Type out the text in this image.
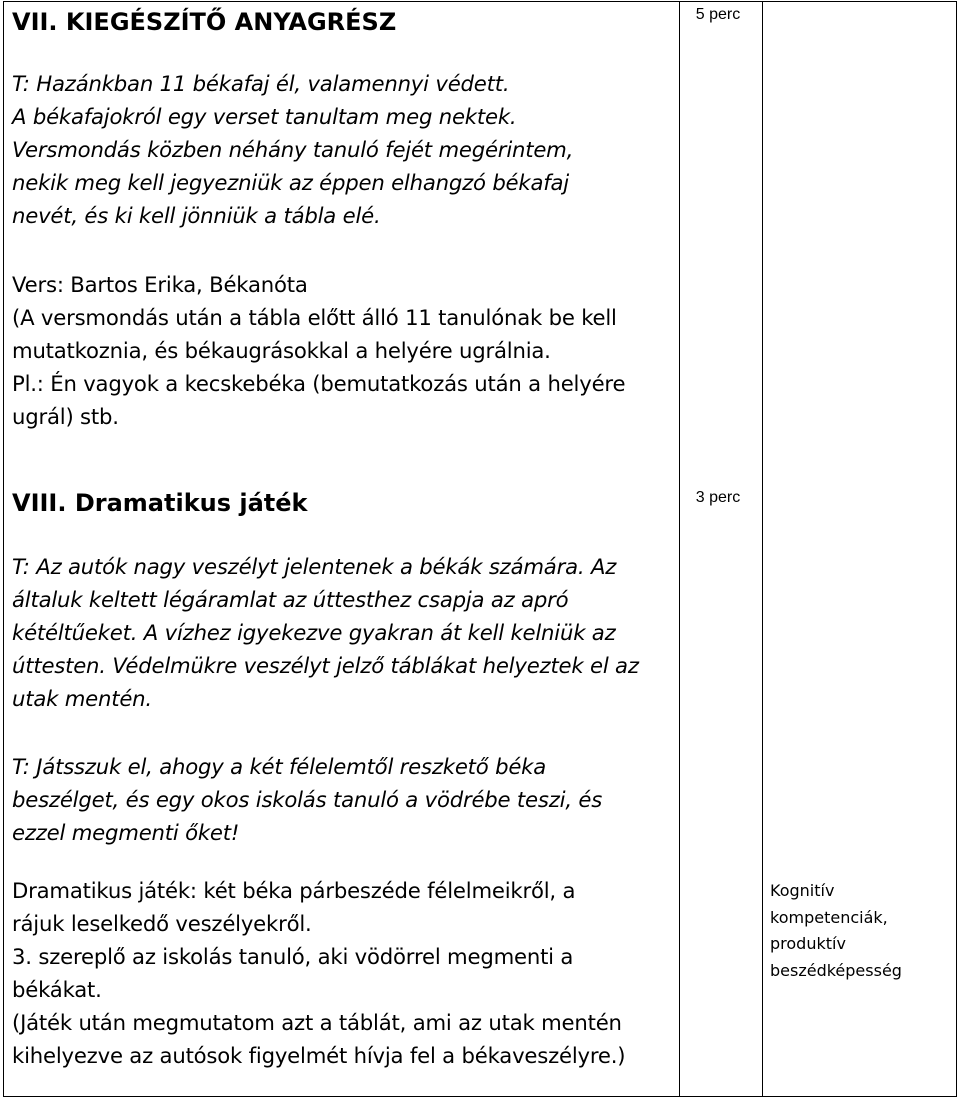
VII. KIEGÉSZÍTŐ ANYAGRÉSZ	5 perc
T: Hazánkban 11 békafaj él, valamennyi védett.
A békafajokról egy verset tanultam meg nektek.
Versmondás közben néhány tanuló fejét megérintem,
nekik meg kell jegyezniük az éppen elhangzó békafaj
nevét, és ki kell jönniük a tábla elé.
Vers: Bartos Erika, Békanóta
(A versmondás után a tábla előtt álló 11 tanulónak be kell
mutatkoznia, és békaugrásokkal a helyére ugrálnia.
Pl.: Én vagyok a kecskebéka (bemutatkozás után a helyére
ugrál) stb.
VIII. Dramatikus játék	3 perc
T: Az autók nagy veszélyt jelentenek a békák számára. Az
általuk keltett légáramlat az úttesthez csapja az apró
kétéltűeket. A vízhez igyekezve gyakran át kell kelniük az
úttesten. Védelmükre veszélyt jelző táblákat helyeztek el az
utak mentén.
T: Játsszuk el, ahogy a két félelemtől reszkető béka
beszélget, és egy okos iskolás tanuló a vödrébe teszi, és
ezzel megmenti őket!
Dramatikus játék: két béka párbeszéde félelmeikről, a
rájuk leselkedő veszélyekről.
3. szereplő az iskolás tanuló, aki vödörrel megmenti a
békákat.
(Játék után megmutatom azt a táblát, ami az utak mentén
kihelyezve az autósok figyelmét hívja fel a békaveszélyre.)
Kognitív
kompetenciák,
produktív
beszédképesség
